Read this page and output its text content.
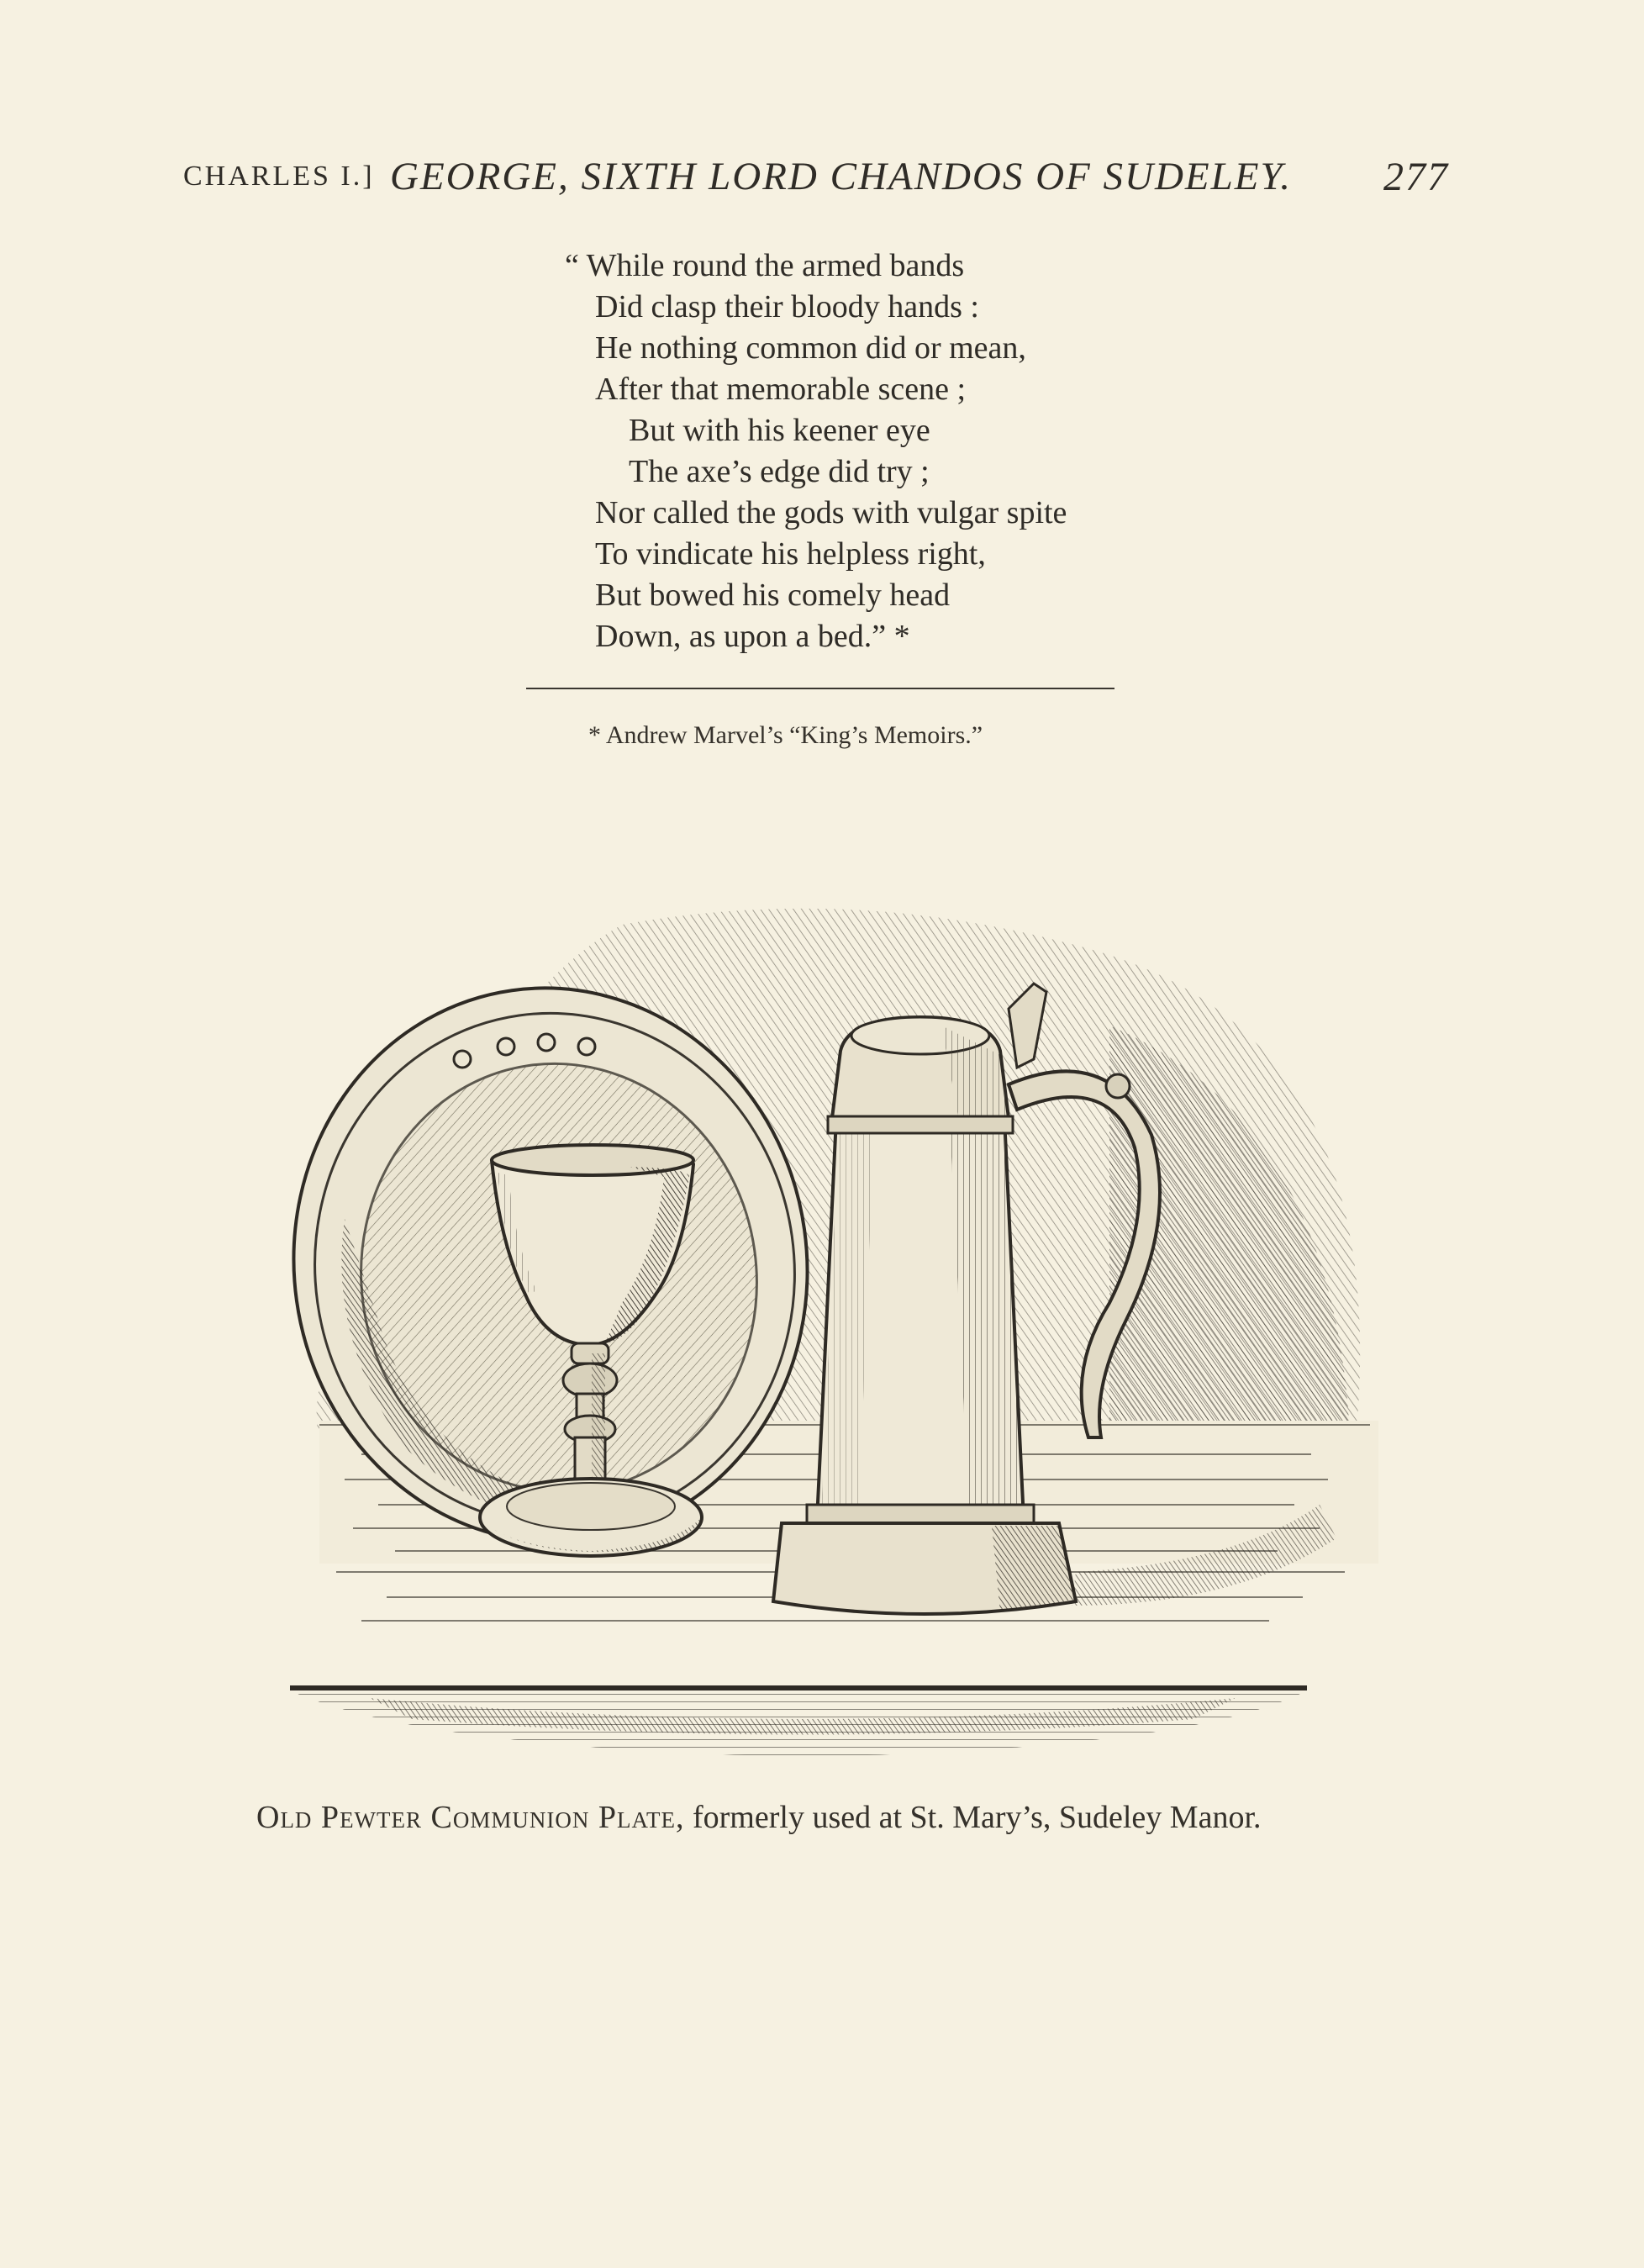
CHARLES I.] GEORGE, SIXTH LORD CHANDOS OF SUDELEY. 277
“ While round the armed bands
Did clasp their bloody hands :
He nothing common did or mean,
After that memorable scene ;
But with his keener eye
The axe’s edge did try ;
Nor called the gods with vulgar spite
To vindicate his helpless right,
But bowed his comely head
Down, as upon a bed.” *
* Andrew Marvel’s “King’s Memoirs.”
Old Pewter Communion Plate, formerly used at St. Mary’s, Sudeley Manor.
